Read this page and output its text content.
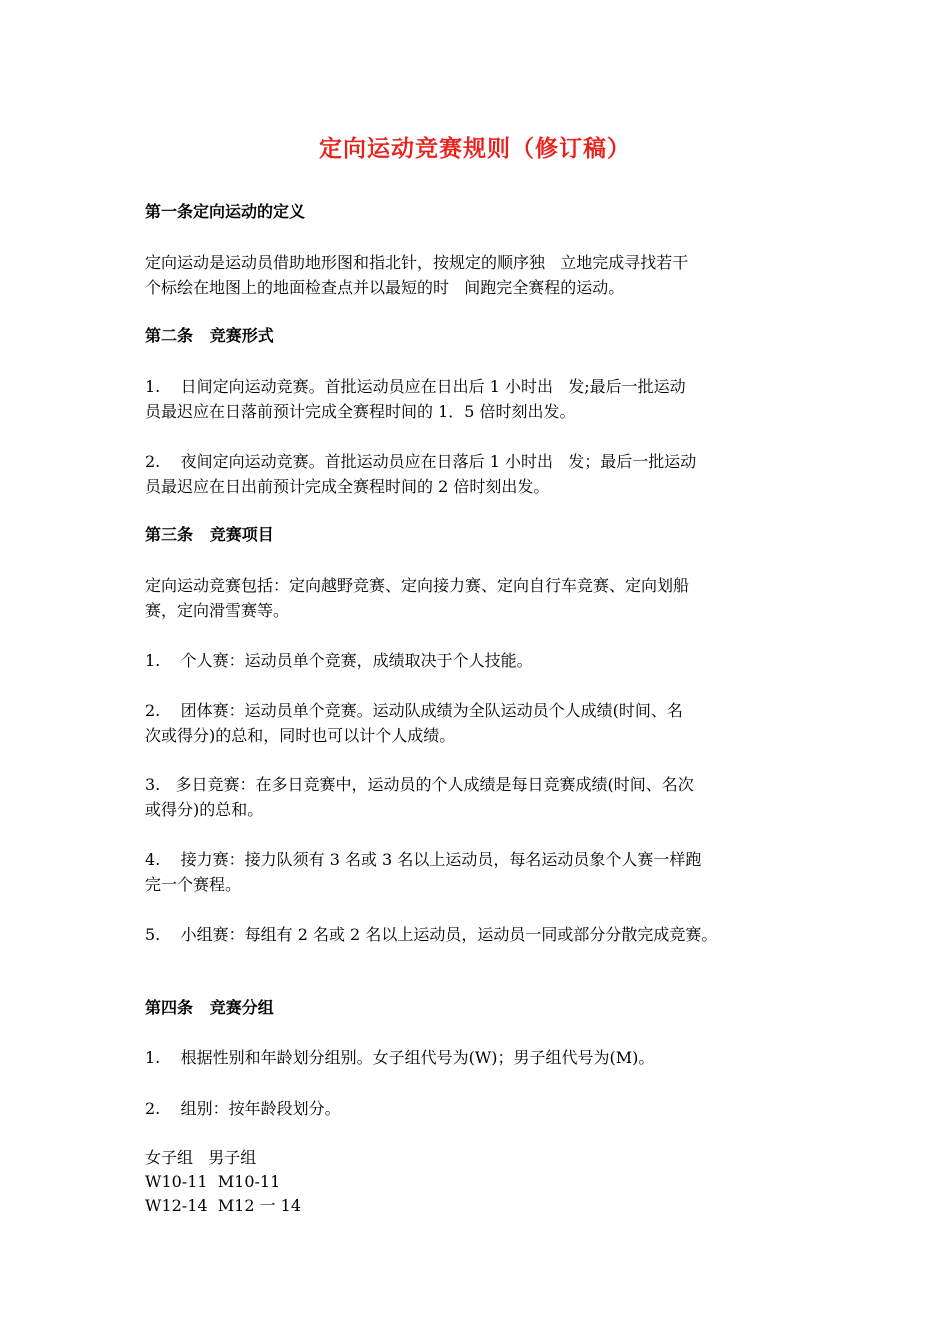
定向运动竞赛规则（修订稿）
第一条定向运动的定义
定向运动是运动员借助地形图和指北针，按规定的顺序独   立地完成寻找若干
个标绘在地图上的地面检查点并以最短的时   间跑完全赛程的运动。
第二条   竞赛形式
1.    日间定向运动竞赛。首批运动员应在日出后 1 小时出   发;最后一批运动
员最迟应在日落前预计完成全赛程时间的 1．5 倍时刻出发。
2.    夜间定向运动竞赛。首批运动员应在日落后 1 小时出   发；最后一批运动
员最迟应在日出前预计完成全赛程时间的 2 倍时刻出发。
第三条   竞赛项目
定向运动竞赛包括：定向越野竞赛、定向接力赛、定向自行车竞赛、定向划船
赛，定向滑雪赛等。
1.    个人赛：运动员单个竞赛，成绩取决于个人技能。
2.    团体赛：运动员单个竞赛。运动队成绩为全队运动员个人成绩(时间、名
次或得分)的总和，同时也可以计个人成绩。
3.   多日竞赛：在多日竞赛中，运动员的个人成绩是每日竞赛成绩(时间、名次
或得分)的总和。
4.    接力赛：接力队须有 3 名或 3 名以上运动员，每名运动员象个人赛一样跑
完一个赛程。
5.    小组赛：每组有 2 名或 2 名以上运动员，运动员一同或部分分散完成竞赛。
第四条   竞赛分组
1.    根据性别和年龄划分组别。女子组代号为(W)；男子组代号为(M)。
2.    组别：按年龄段划分。
女子组 男子组
W10-11 M10-11
W12-14 M12 一 14
